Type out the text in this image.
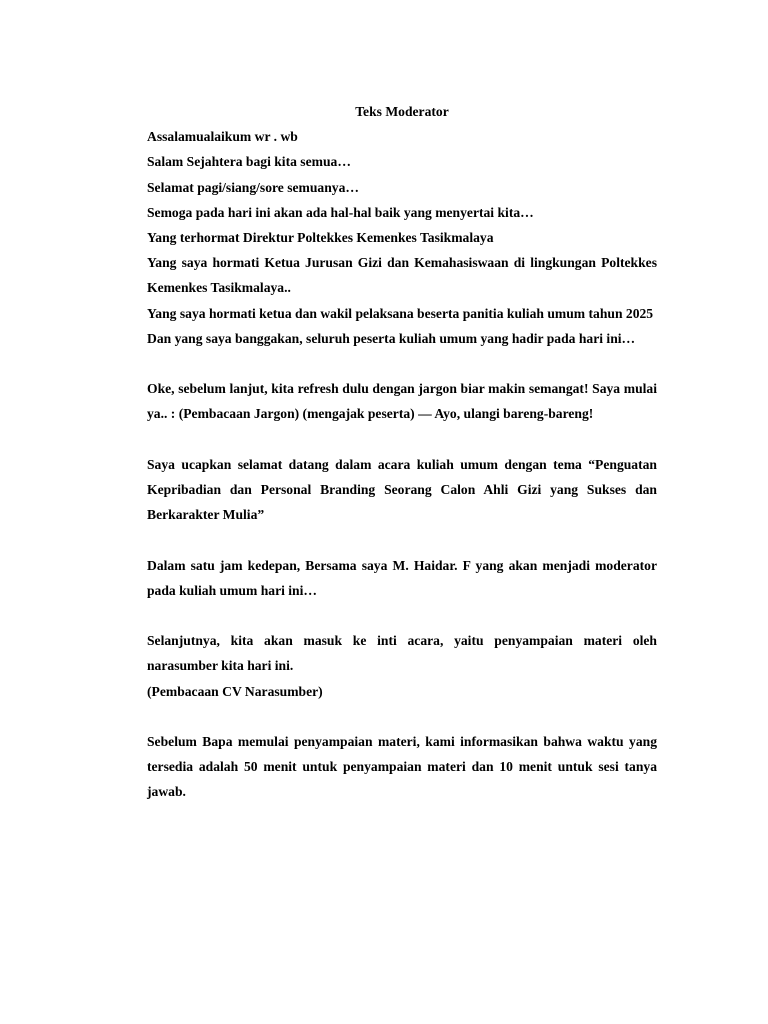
Teks Moderator

Assalamualaikum wr . wb

Salam Sejahtera bagi kita semua…

Selamat pagi/siang/sore semuanya…

Semoga pada hari ini akan ada hal-hal baik yang menyertai kita…

Yang terhormat Direktur Poltekkes Kemenkes Tasikmalaya

Yang saya hormati Ketua Jurusan Gizi dan Kemahasiswaan di lingkungan Poltekkes Kemenkes Tasikmalaya..

Yang saya hormati ketua dan wakil pelaksana beserta panitia kuliah umum tahun 2025

Dan yang saya banggakan, seluruh peserta kuliah umum yang hadir pada hari ini…

Oke, sebelum lanjut, kita refresh dulu dengan jargon biar makin semangat! Saya mulai ya.. : (Pembacaan Jargon) (mengajak peserta) — Ayo, ulangi bareng-bareng!

Saya ucapkan selamat datang dalam acara kuliah umum dengan tema “Penguatan Kepribadian dan Personal Branding Seorang Calon Ahli Gizi yang Sukses dan Berkarakter Mulia”

Dalam satu jam kedepan, Bersama saya M. Haidar. F yang akan menjadi moderator pada kuliah umum hari ini…

Selanjutnya, kita akan masuk ke inti acara, yaitu penyampaian materi oleh narasumber kita hari ini.

(Pembacaan CV Narasumber)

Sebelum Bapa memulai penyampaian materi, kami informasikan bahwa waktu yang tersedia adalah 50 menit untuk penyampaian materi dan 10 menit untuk sesi tanya jawab.
